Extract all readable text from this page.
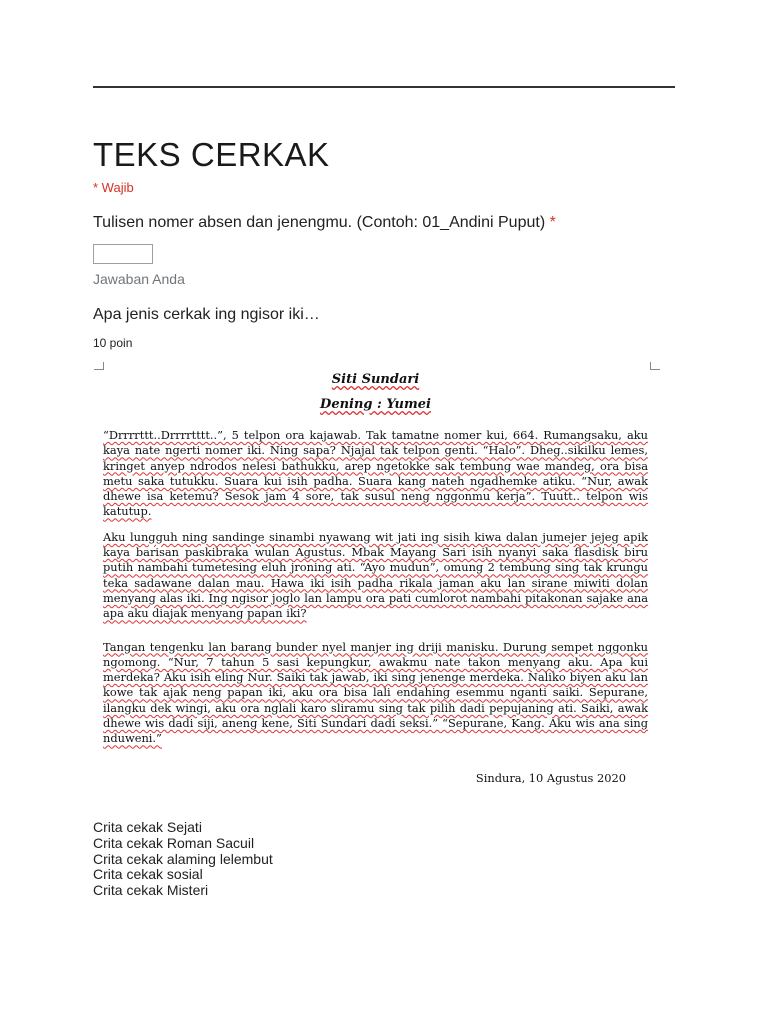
TEKS CERKAK
* Wajib
Tulisen nomer absen dan jenengmu. (Contoh: 01_Andini Puput) *
Jawaban Anda
Apa jenis cerkak ing ngisor iki…
10 poin
Siti Sundari
Dening : Yumei

“Drrrrttt..Drrrrtttt..”, 5 telpon ora kajawab. Tak tamatne nomer kui, 664. Rumangsaku, aku kaya nate ngerti nomer iki. Ning sapa? Njajal tak telpon genti. “Halo”. Dheg..sikilku lemes, kringet anyep ndrodos nelesi bathukku, arep ngetokke sak tembung wae mandeg, ora bisa metu saka tutukku. Suara kui isih padha. Suara kang nateh ngadhemke atiku. “Nur, awak dhewe isa ketemu? Sesok jam 4 sore, tak susul neng nggonmu kerja”. Tuutt.. telpon wis katutup.

Aku lungguh ning sandinge sinambi nyawang wit jati ing sisih kiwa dalan jumejer jejeg apik kaya barisan paskibraka wulan Agustus. Mbak Mayang Sari isih nyanyi saka flasdisk biru putih nambahi tumetesing eluh jroning ati. “Ayo mudun”, omung 2 tembung sing tak krungu teka sadawane dalan mau. Hawa iki isih padha rikala jaman aku lan sirane miwiti dolan menyang alas iki. Ing ngisor joglo lan lampu ora pati cumlorot nambahi pitakonan sajake ana apa aku diajak menyang papan iki?

Tangan tengenku lan barang bunder nyel manjer ing driji manisku. Durung sempet nggonku ngomong. “Nur, 7 tahun 5 sasi kepungkur, awakmu nate takon menyang aku. Apa kui merdeka? Aku isih eling Nur. Saiki tak jawab, iki sing jenenge merdeka. Naliko biyen aku lan kowe tak ajak neng papan iki, aku ora bisa lali endahing esemmu nganti saiki. Sepurane, ilangku dek wingi, aku ora nglali karo sliramu sing tak pilih dadi pepujaning ati. Saiki, awak dhewe wis dadi siji, aneng kene, Siti Sundari dadi seksi.” “Sepurane, Kang. Aku wis ana sing nduweni.”

Sindura, 10 Agustus 2020
Crita cekak Sejati
Crita cekak Roman Sacuil
Crita cekak alaming lelembut
Crita cekak sosial
Crita cekak Misteri
